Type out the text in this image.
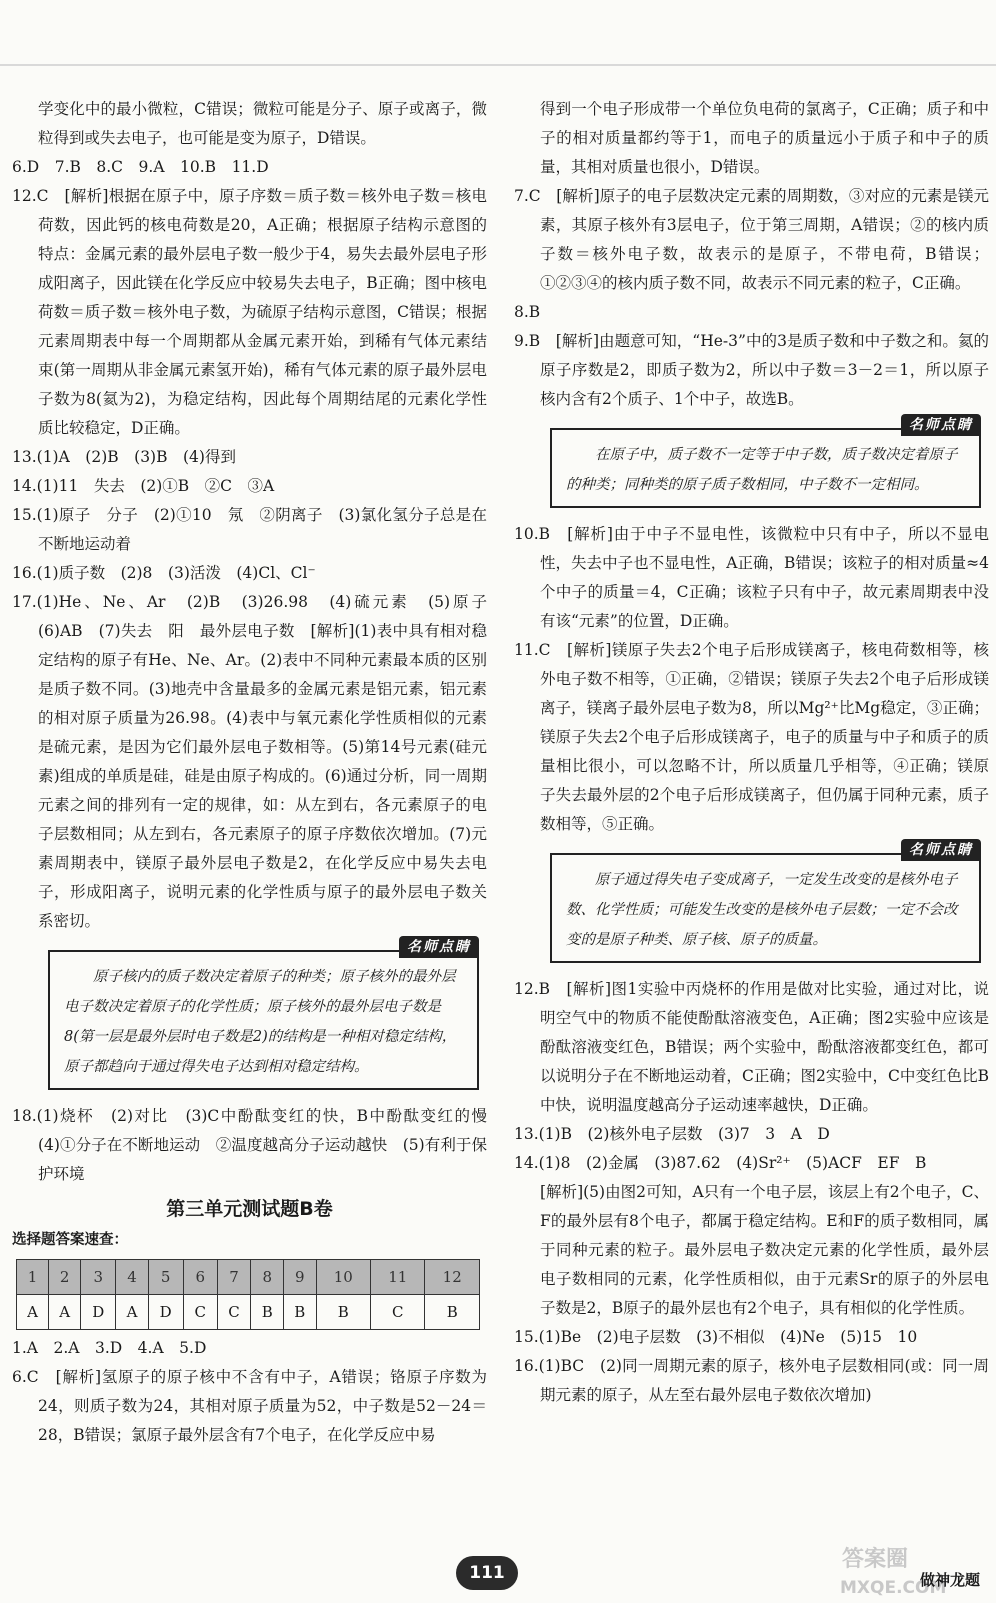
学变化中的最小微粒，C错误；微粒可能是分子、原子或离子，微粒得到或失去电子，也可能是变为原子，D错误。

6.D　7.B　8.C　9.A　10.B　11.D

12.C　[解析]根据在原子中，原子序数＝质子数＝核外电子数＝核电荷数，因此钙的核电荷数是20，A正确；根据原子结构示意图的特点：金属元素的最外层电子数一般少于4，易失去最外层电子形成阳离子，因此镁在化学反应中较易失去电子，B正确；图中核电荷数＝质子数＝核外电子数，为硫原子结构示意图，C错误；根据元素周期表中每一个周期都从金属元素开始，到稀有气体元素结束(第一周期从非金属元素氢开始)，稀有气体元素的原子最外层电子数为8(氦为2)，为稳定结构，因此每个周期结尾的元素化学性质比较稳定，D正确。

13.(1)A　(2)B　(3)B　(4)得到

14.(1)11　失去　(2)①B　②C　③A

15.(1)原子　分子　(2)①10　氖　②阴离子　(3)氯化氢分子总是在不断地运动着

16.(1)质子数　(2)8　(3)活泼　(4)Cl、Cl⁻

17.(1)He、Ne、Ar　(2)B　(3)26.98　(4)硫元素　(5)原子　(6)AB　(7)失去　阳　最外层电子数　[解析](1)表中具有相对稳定结构的原子有He、Ne、Ar。(2)表中不同种元素最本质的区别是质子数不同。(3)地壳中含量最多的金属元素是铝元素，铝元素的相对原子质量为26.98。(4)表中与氧元素化学性质相似的元素是硫元素，是因为它们最外层电子数相等。(5)第14号元素(硅元素)组成的单质是硅，硅是由原子构成的。(6)通过分析，同一周期元素之间的排列有一定的规律，如：从左到右，各元素原子的电子层数相同；从左到右，各元素原子的原子序数依次增加。(7)元素周期表中，镁原子最外层电子数是2，在化学反应中易失去电子，形成阳离子，说明元素的化学性质与原子的最外层电子数关系密切。

名师点睛
原子核内的质子数决定着原子的种类；原子核外的最外层电子数决定着原子的化学性质；原子核外的最外层电子数是8(第一层是最外层时电子数是2)的结构是一种相对稳定结构，原子都趋向于通过得失电子达到相对稳定结构。

18.(1)烧杯　(2)对比　(3)C中酚酞变红的快，B中酚酞变红的慢　(4)①分子在不断地运动　②温度越高分子运动越快　(5)有利于保护环境

第三单元测试题B卷
选择题答案速查：
1	2	3	4	5	6	7	8	9	10	11	12
A	A	D	A	D	C	C	B	B	B	C	B

1.A　2.A　3.D　4.A　5.D

6.C　[解析]氢原子的原子核中不含有中子，A错误；铬原子序数为24，则质子数为24，其相对原子质量为52，中子数是52－24＝28，B错误；氯原子最外层含有7个电子，在化学反应中易

得到一个电子形成带一个单位负电荷的氯离子，C正确；质子和中子的相对质量都约等于1，而电子的质量远小于质子和中子的质量，其相对质量也很小，D错误。

7.C　[解析]原子的电子层数决定元素的周期数，③对应的元素是镁元素，其原子核外有3层电子，位于第三周期，A错误；②的核内质子数＝核外电子数，故表示的是原子，不带电荷，B错误；①②③④的核内质子数不同，故表示不同元素的粒子，C正确。

8.B

9.B　[解析]由题意可知，“He-3”中的3是质子数和中子数之和。氦的原子序数是2，即质子数为2，所以中子数＝3－2＝1，所以原子核内含有2个质子、1个中子，故选B。

名师点睛
在原子中，质子数不一定等于中子数，质子数决定着原子的种类；同种类的原子质子数相同，中子数不一定相同。

10.B　[解析]由于中子不显电性，该微粒中只有中子，所以不显电性，失去中子也不显电性，A正确，B错误；该粒子的相对质量≈4个中子的质量＝4，C正确；该粒子只有中子，故元素周期表中没有该“元素”的位置，D正确。

11.C　[解析]镁原子失去2个电子后形成镁离子，核电荷数相等，核外电子数不相等，①正确，②错误；镁原子失去2个电子后形成镁离子，镁离子最外层电子数为8，所以Mg²⁺比Mg稳定，③正确；镁原子失去2个电子后形成镁离子，电子的质量与中子和质子的质量相比很小，可以忽略不计，所以质量几乎相等，④正确；镁原子失去最外层的2个电子后形成镁离子，但仍属于同种元素，质子数相等，⑤正确。

名师点睛
原子通过得失电子变成离子，一定发生改变的是核外电子数、化学性质；可能发生改变的是核外电子层数；一定不会改变的是原子种类、原子核、原子的质量。

12.B　[解析]图1实验中丙烧杯的作用是做对比实验，通过对比，说明空气中的物质不能使酚酞溶液变色，A正确；图2实验中应该是酚酞溶液变红色，B错误；两个实验中，酚酞溶液都变红色，都可以说明分子在不断地运动着，C正确；图2实验中，C中变红色比B中快，说明温度越高分子运动速率越快，D正确。

13.(1)B　(2)核外电子层数　(3)7　3　A　D

14.(1)8　(2)金属　(3)87.62　(4)Sr²⁺　(5)ACF　EF　B

[解析](5)由图2可知，A只有一个电子层，该层上有2个电子，C、F的最外层有8个电子，都属于稳定结构。E和F的质子数相同，属于同种元素的粒子。最外层电子数决定元素的化学性质，最外层电子数相同的元素，化学性质相似，由于元素Sr的原子的外层电子数是2，B原子的最外层也有2个电子，具有相似的化学性质。

15.(1)Be　(2)电子层数　(3)不相似　(4)Ne　(5)15　10

16.(1)BC　(2)同一周期元素的原子，核外电子层数相同(或：同一周期元素的原子，从左至右最外层电子数依次增加)

111
答案圈
MXQE.COM
做神龙题
